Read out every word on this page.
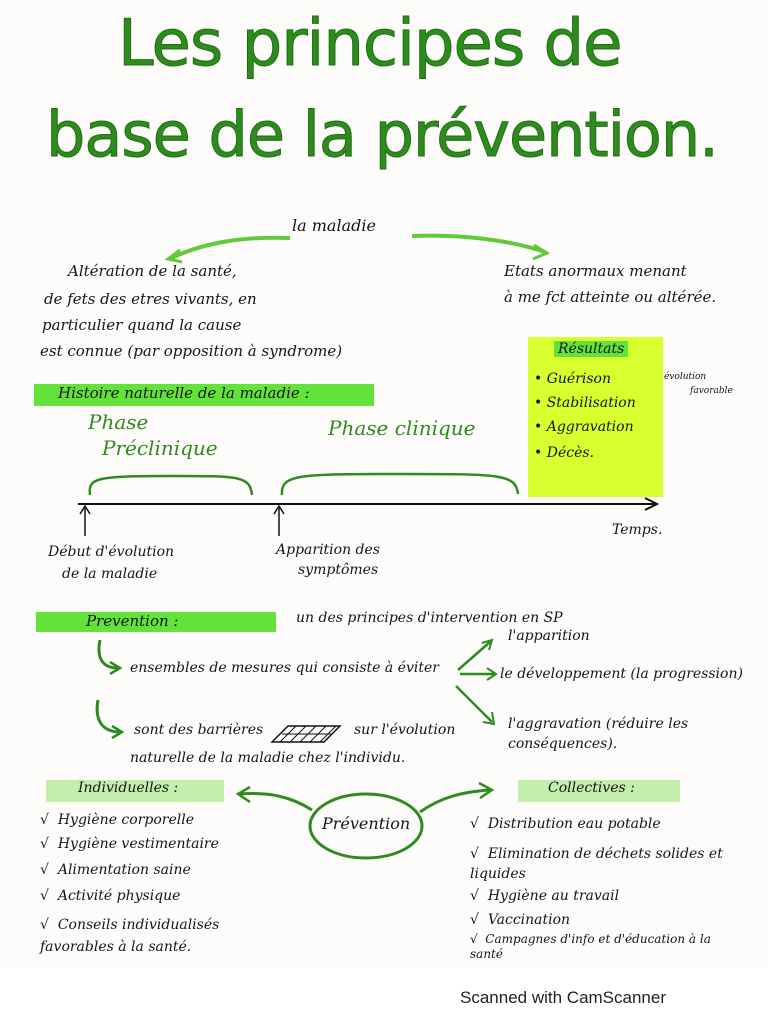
Les principes de
base de la prévention.
la maladie
Altération de la santé,
de fets des etres vivants, en
particulier quand la cause
est connue (par opposition à syndrome)
Etats anormaux menant
à me fct atteinte ou altérée.
Histoire naturelle de la maladie :
Phase
Préclinique
Phase clinique
Début d'évolution
de la maladie
Apparition des
symptômes
Temps.
Résultats
• Guérison
• Stabilisation
• Aggravation
• Décès.
évolution
favorable
Prevention :	un des principes d'intervention en SP
ensembles de mesures qui consiste à éviter
l'apparition
le développement (la progression)
l'aggravation (réduire les conséquences).
sont des barrières	sur l'évolution
naturelle de la maladie chez l'individu.
Prévention
Individuelles :
√ Hygiène corporelle
√ Hygiène vestimentaire
√ Alimentation saine
√ Activité physique
√ Conseils individualisés favorables à la santé.
Collectives :
√ Distribution eau potable
√ Elimination de déchets solides et liquides
√ Hygiène au travail
√ Vaccination
√ Campagnes d'info et d'éducation à la santé
Scanned with CamScanner
